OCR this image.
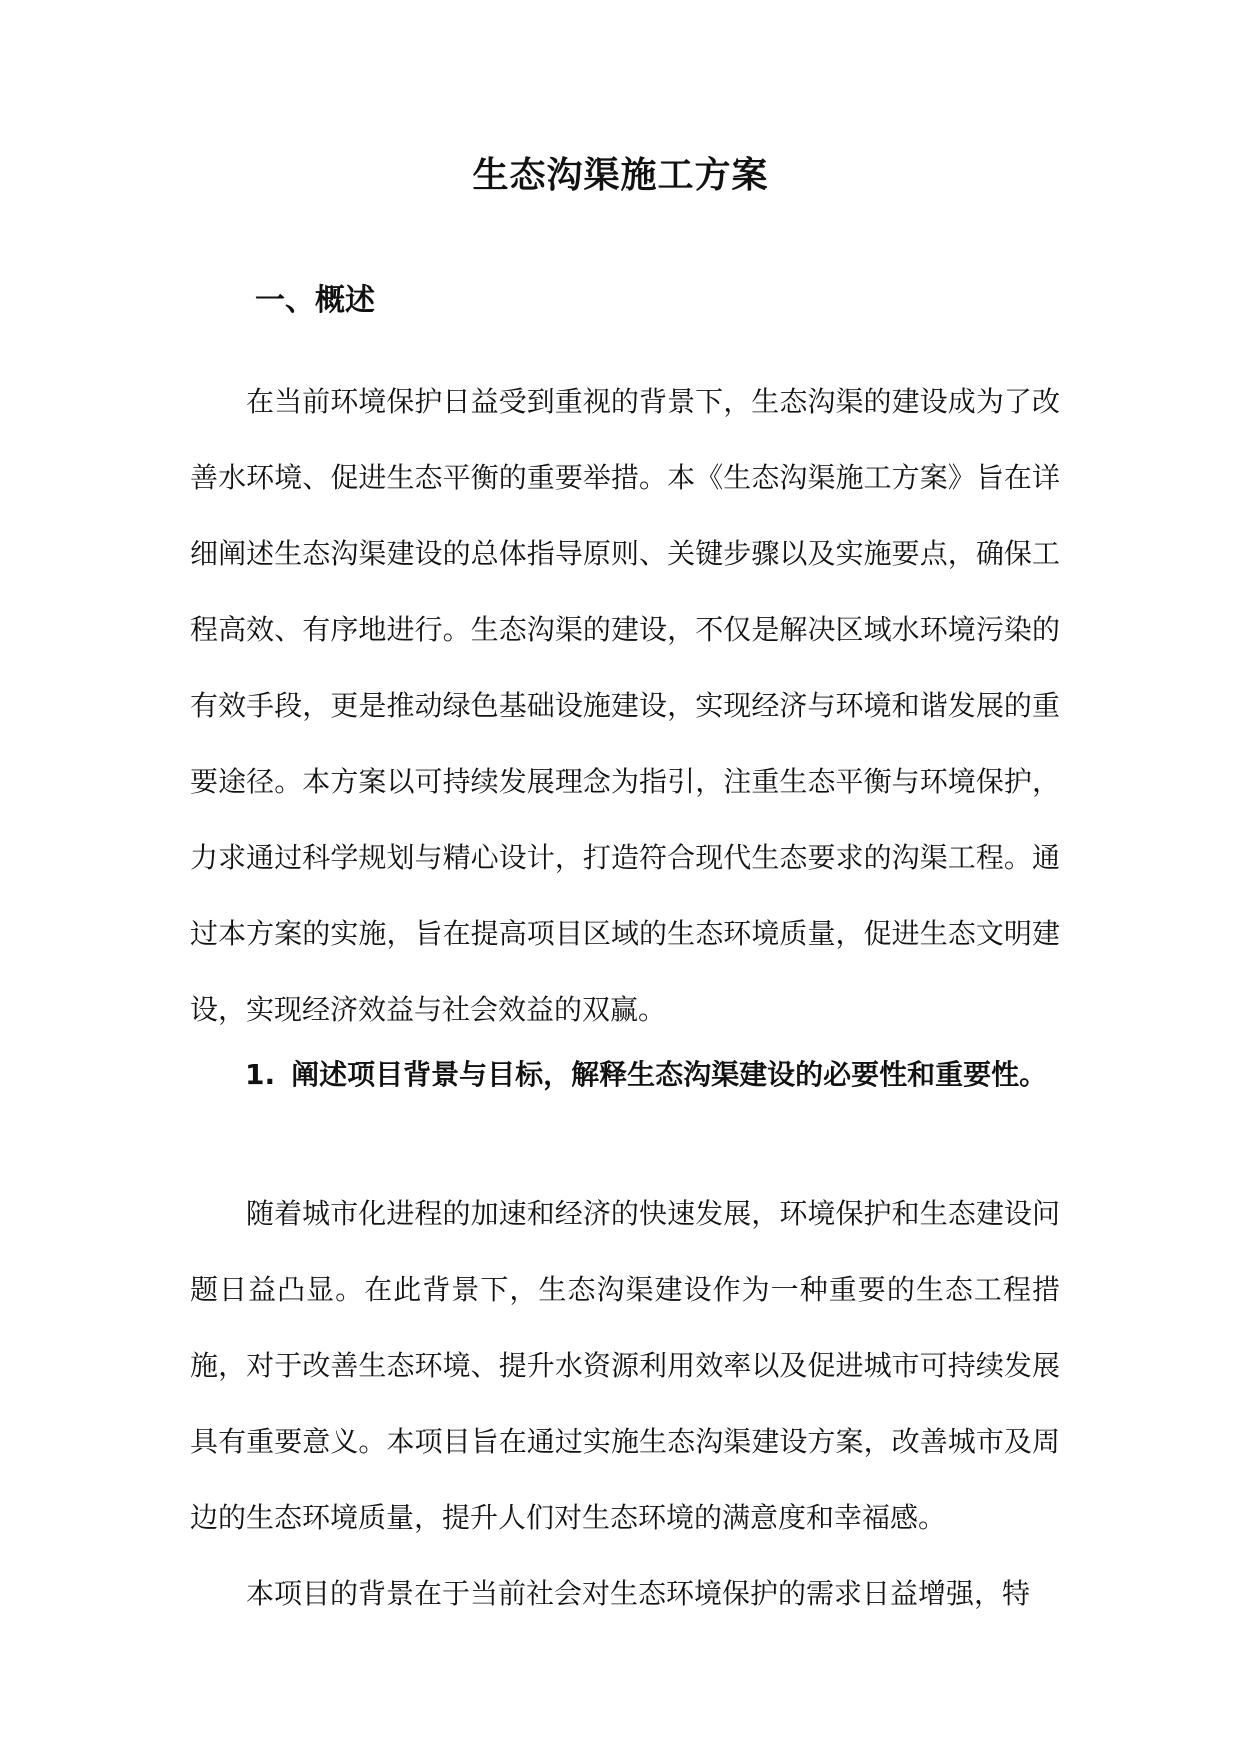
生态沟渠施工方案
一、概述

在当前环境保护日益受到重视的背景下，生态沟渠的建设成为了改善水环境、促进生态平衡的重要举措。本《生态沟渠施工方案》旨在详细阐述生态沟渠建设的总体指导原则、关键步骤以及实施要点，确保工程高效、有序地进行。生态沟渠的建设，不仅是解决区域水环境污染的有效手段，更是推动绿色基础设施建设，实现经济与环境和谐发展的重要途径。本方案以可持续发展理念为指引，注重生态平衡与环境保护，力求通过科学规划与精心设计，打造符合现代生态要求的沟渠工程。通过本方案的实施，旨在提高项目区域的生态环境质量，促进生态文明建设，实现经济效益与社会效益的双赢。

1. 阐述项目背景与目标，解释生态沟渠建设的必要性和重要性。

随着城市化进程的加速和经济的快速发展，环境保护和生态建设问题日益凸显。在此背景下，生态沟渠建设作为一种重要的生态工程措施，对于改善生态环境、提升水资源利用效率以及促进城市可持续发展具有重要意义。本项目旨在通过实施生态沟渠建设方案，改善城市及周边的生态环境质量，提升人们对生态环境的满意度和幸福感。

本项目的背景在于当前社会对生态环境保护的需求日益增强，特
